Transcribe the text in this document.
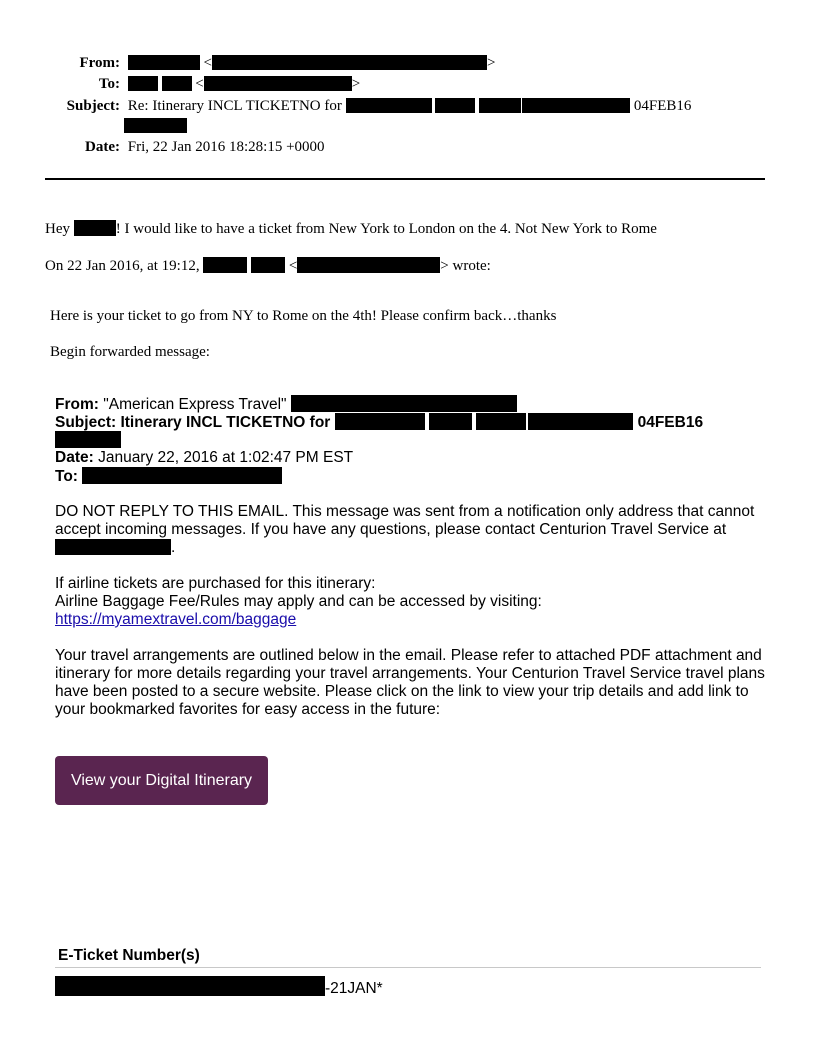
From:	<	>
To:	<	>
Subject: Re: Itinerary INCL TICKETNO for	04FEB16
Date: Fri, 22 Jan 2016 18:28:15 +0000
Hey	! I would like to have a ticket from New York to London on the 4. Not New York to Rome
On 22 Jan 2016, at 19:12,	<	> wrote:
Here is your ticket to go from NY to Rome on the 4th! Please confirm back…thanks
Begin forwarded message:
From: "American Express Travel"
Subject: Itinerary INCL TICKETNO for	04FEB16
Date: January 22, 2016 at 1:02:47 PM EST
To:
DO NOT REPLY TO THIS EMAIL. This message was sent from a notification only address that cannot accept incoming messages. If you have any questions, please contact Centurion Travel Service at .
If airline tickets are purchased for this itinerary:
Airline Baggage Fee/Rules may apply and can be accessed by visiting:
https://myamextravel.com/baggage
Your travel arrangements are outlined below in the email. Please refer to attached PDF attachment and itinerary for more details regarding your travel arrangements. Your Centurion Travel Service travel plans have been posted to a secure website. Please click on the link to view your trip details and add link to your bookmarked favorites for easy access in the future:
View your Digital Itinerary
E-Ticket Number(s)
-21JAN*
